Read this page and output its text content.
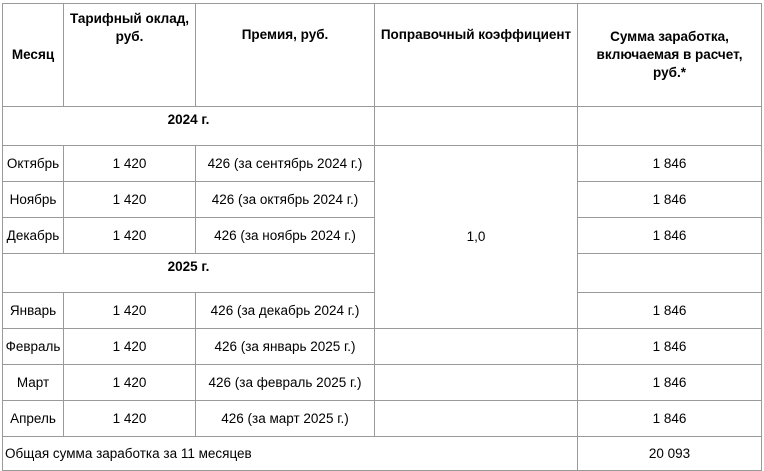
Месяц	Тарифный оклад, руб.	Премия, руб.	Поправочный коэффициент	Сумма заработка, включаемая в расчет, руб.*
2024 г.				
Октябрь	1 420	426 (за сентябрь 2024 г.)	1,0	1 846
Ноябрь	1 420	426 (за октябрь 2024 г.)		1 846
Декабрь	1 420	426 (за ноябрь 2024 г.)		1 846
2025 г.				
Январь	1 420	426 (за декабрь 2024 г.)		1 846
Февраль	1 420	426 (за январь 2025 г.)		1 846
Март	1 420	426 (за февраль 2025 г.)		1 846
Апрель	1 420	426 (за март 2025 г.)		1 846
Общая сумма заработка за 11 месяцев				20 093
